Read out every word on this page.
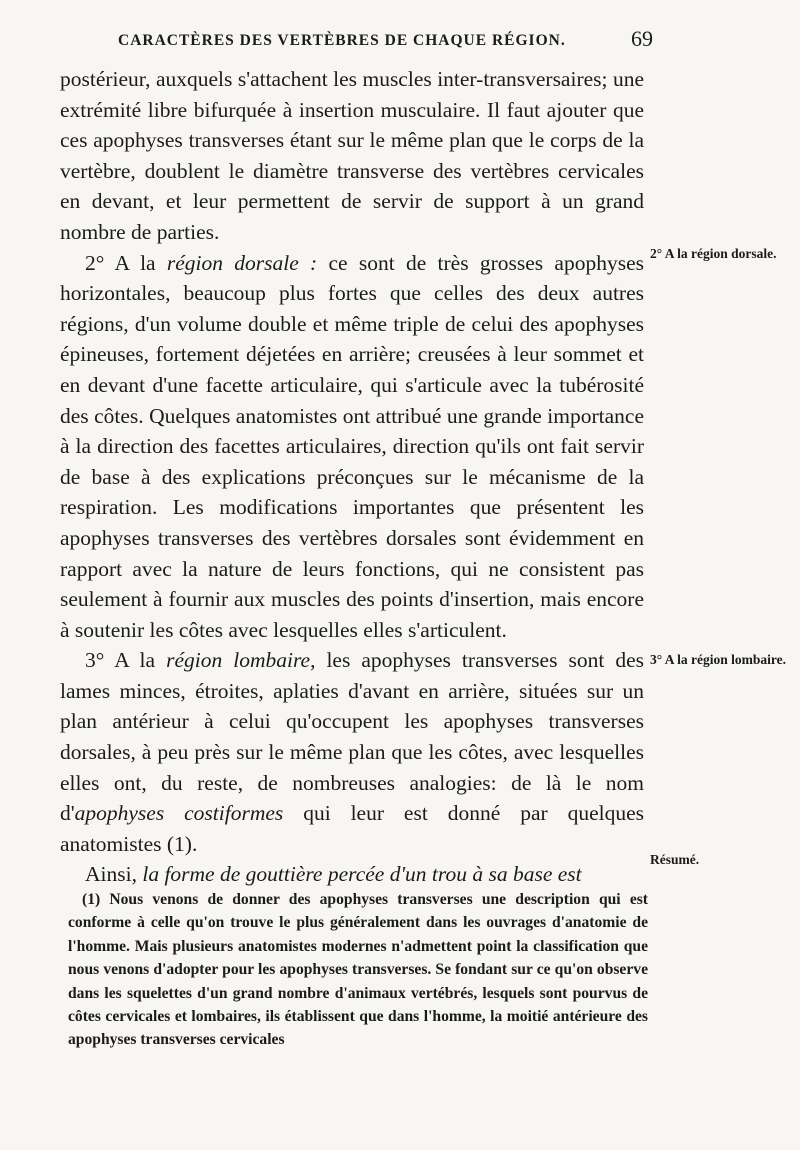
CARACTÈRES DES VERTÈBRES DE CHAQUE RÉGION.	69

postérieur, auxquels s'attachent les muscles inter-transversaires; une extrémité libre bifurquée à insertion musculaire. Il faut ajouter que ces apophyses transverses étant sur le même plan que le corps de la vertèbre, doublent le diamètre transverse des vertèbres cervicales en devant, et leur permettent de servir de support à un grand nombre de parties.

2° A la région dorsale : ce sont de très grosses apophyses horizontales, beaucoup plus fortes que celles des deux autres régions, d'un volume double et même triple de celui des apophyses épineuses, fortement déjetées en arrière; creusées à leur sommet et en devant d'une facette articulaire, qui s'articule avec la tubérosité des côtes. Quelques anatomistes ont attribué une grande importance à la direction des facettes articulaires, direction qu'ils ont fait servir de base à des explications préconçues sur le mécanisme de la respiration. Les modifications importantes que présentent les apophyses transverses des vertèbres dorsales sont évidemment en rapport avec la nature de leurs fonctions, qui ne consistent pas seulement à fournir aux muscles des points d'insertion, mais encore à soutenir les côtes avec lesquelles elles s'articulent.

3° A la région lombaire, les apophyses transverses sont des lames minces, étroites, aplaties d'avant en arrière, situées sur un plan antérieur à celui qu'occupent les apophyses transverses dorsales, à peu près sur le même plan que les côtes, avec lesquelles elles ont, du reste, de nombreuses analogies: de là le nom d'apophyses costiformes qui leur est donné par quelques anatomistes (1).

Ainsi, la forme de gouttière percée d'un trou à sa base est

2° A la région dorsale.
3° A la région lombaire.
Résumé.

(1) Nous venons de donner des apophyses transverses une description qui est conforme à celle qu'on trouve le plus généralement dans les ouvrages d'anatomie de l'homme. Mais plusieurs anatomistes modernes n'admettent point la classification que nous venons d'adopter pour les apophyses transverses. Se fondant sur ce qu'on observe dans les squelettes d'un grand nombre d'animaux vertébrés, lesquels sont pourvus de côtes cervicales et lombaires, ils établissent que dans l'homme, la moitié antérieure des apophyses transverses cervicales
